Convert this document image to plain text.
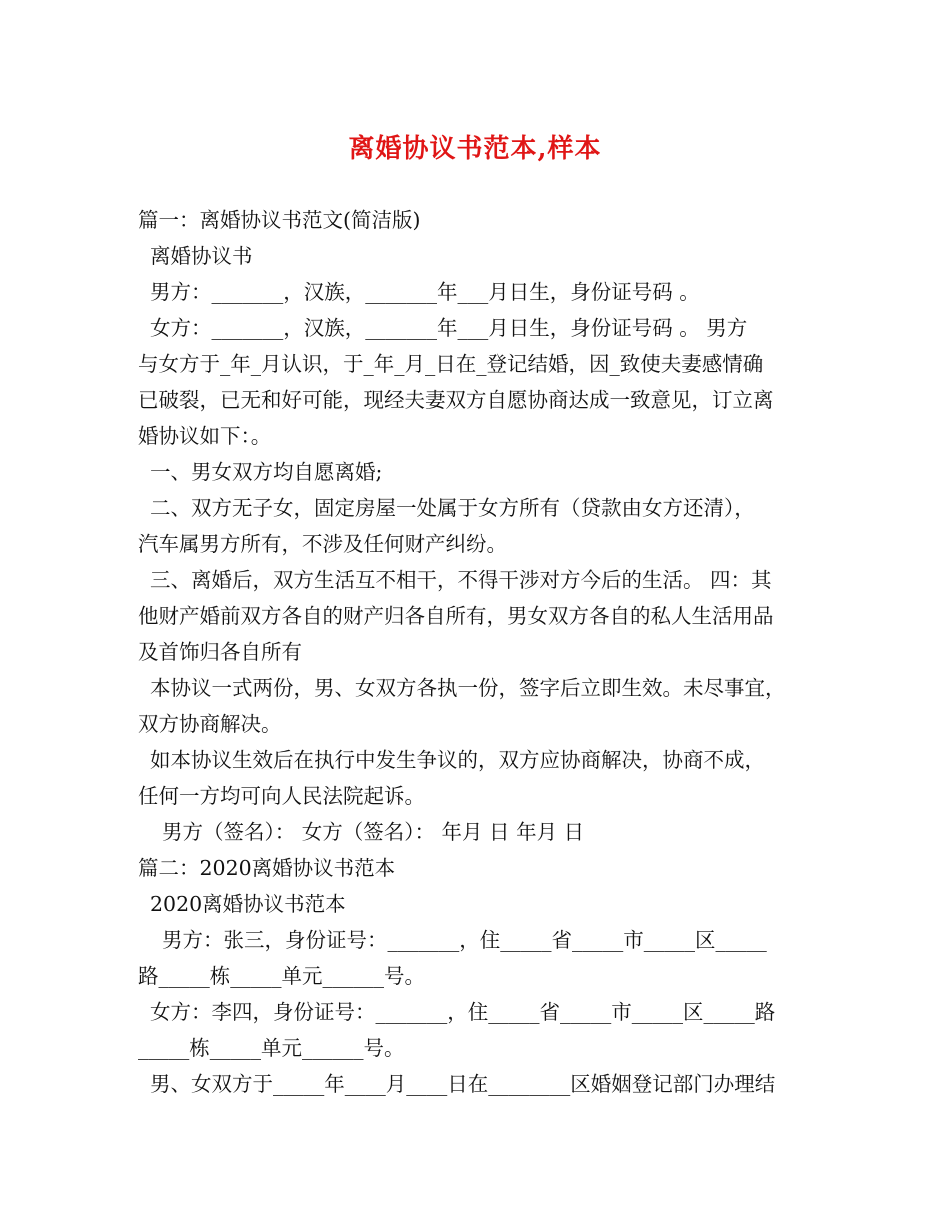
离婚协议书范本,样本
篇一：离婚协议书范文(简洁版)
离婚协议书
男方：_______，汉族，_______年___月日生，身份证号码 。
女方：_______，汉族，_______年___月日生，身份证号码 。 男方
与女方于_年_月认识，于_年_月_日在_登记结婚，因_致使夫妻感情确
已破裂，已无和好可能，现经夫妻双方自愿协商达成一致意见，订立离
婚协议如下：。
一、男女双方均自愿离婚;
二、双方无子女，固定房屋一处属于女方所有（贷款由女方还清），
汽车属男方所有，不涉及任何财产纠纷。
三、离婚后，双方生活互不相干，不得干涉对方今后的生活。 四：其
他财产婚前双方各自的财产归各自所有，男女双方各自的私人生活用品
及首饰归各自所有
本协议一式两份，男、女双方各执一份，签字后立即生效。未尽事宜，
双方协商解决。
如本协议生效后在执行中发生争议的，双方应协商解决，协商不成，
任何一方均可向人民法院起诉。
男方（签名）： 女方（签名）： 年月 日 年月 日
篇二：2020离婚协议书范本
2020离婚协议书范本
男方：张三，身份证号：_______，住_____省_____市_____区_____
路_____栋_____单元______号。
女方：李四，身份证号：_______，住_____省_____市_____区_____路
_____栋_____单元______号。
男、女双方于_____年____月____日在________区婚姻登记部门办理结
